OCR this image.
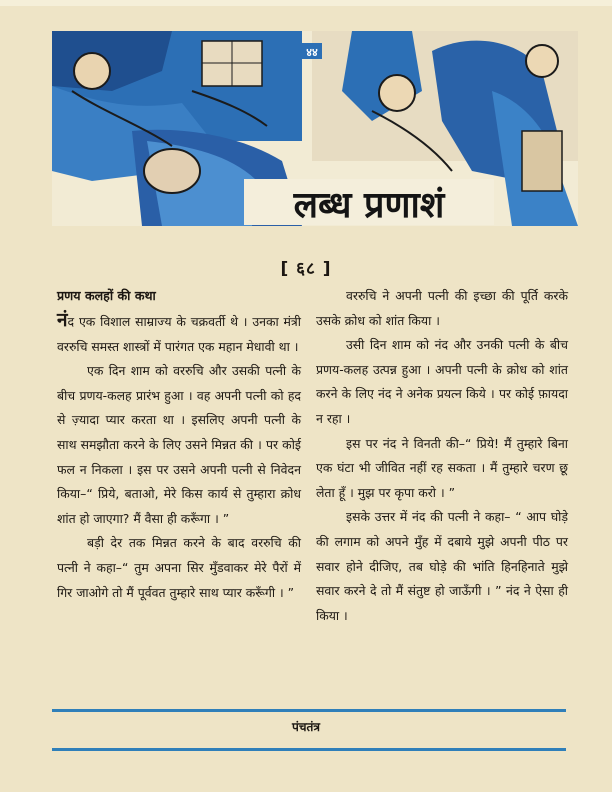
४४
लब्ध प्रणाशं
[ ६८ ]

प्रणय कलहों की कथा

नंद एक विशाल साम्राज्य के चक्रवर्ती थे । उनका मंत्री वररुचि समस्त शास्त्रों में पारंगत एक महान मेधावी था ।

एक दिन शाम को वररुचि और उसकी पत्नी के बीच प्रणय-कलह प्रारंभ हुआ । वह अपनी पत्नी को हद से ज़्यादा प्यार करता था । इसलिए अपनी पत्नी के साथ समझौता करने के लिए उसने मिन्नत की । पर कोई फल न निकला । इस पर उसने अपनी पत्नी से निवेदन किया–“ प्रिये, बताओ, मेरे किस कार्य से तुम्हारा क्रोध शांत हो जाएगा? मैं वैसा ही करूँगा । ”

बड़ी देर तक मिन्नत करने के बाद वररुचि की पत्नी ने कहा–“ तुम अपना सिर मुँडवाकर मेरे पैरों में गिर जाओगे तो मैं पूर्ववत तुम्हारे साथ प्यार करूँगी । ”

वररुचि ने अपनी पत्नी की इच्छा की पूर्ति करके उसके क्रोध को शांत किया ।

उसी दिन शाम को नंद और उनकी पत्नी के बीच प्रणय-कलह उत्पन्न हुआ । अपनी पत्नी के क्रोध को शांत करने के लिए नंद ने अनेक प्रयत्न किये । पर कोई फ़ायदा न रहा ।

इस पर नंद ने विनती की–“ प्रिये! मैं तुम्हारे बिना एक घंटा भी जीवित नहीं रह सकता । मैं तुम्हारे चरण छू लेता हूँ । मुझ पर कृपा करो । ”

इसके उत्तर में नंद की पत्नी ने कहा– “ आप घोड़े की लगाम को अपने मुँह में दबाये मुझे अपनी पीठ पर सवार होने दीजिए, तब घोड़े की भांति हिनहिनाते मुझे सवार करने दे तो मैं संतुष्ट हो जाऊँगी । ” नंद ने ऐसा ही किया ।

पंचतंत्र
